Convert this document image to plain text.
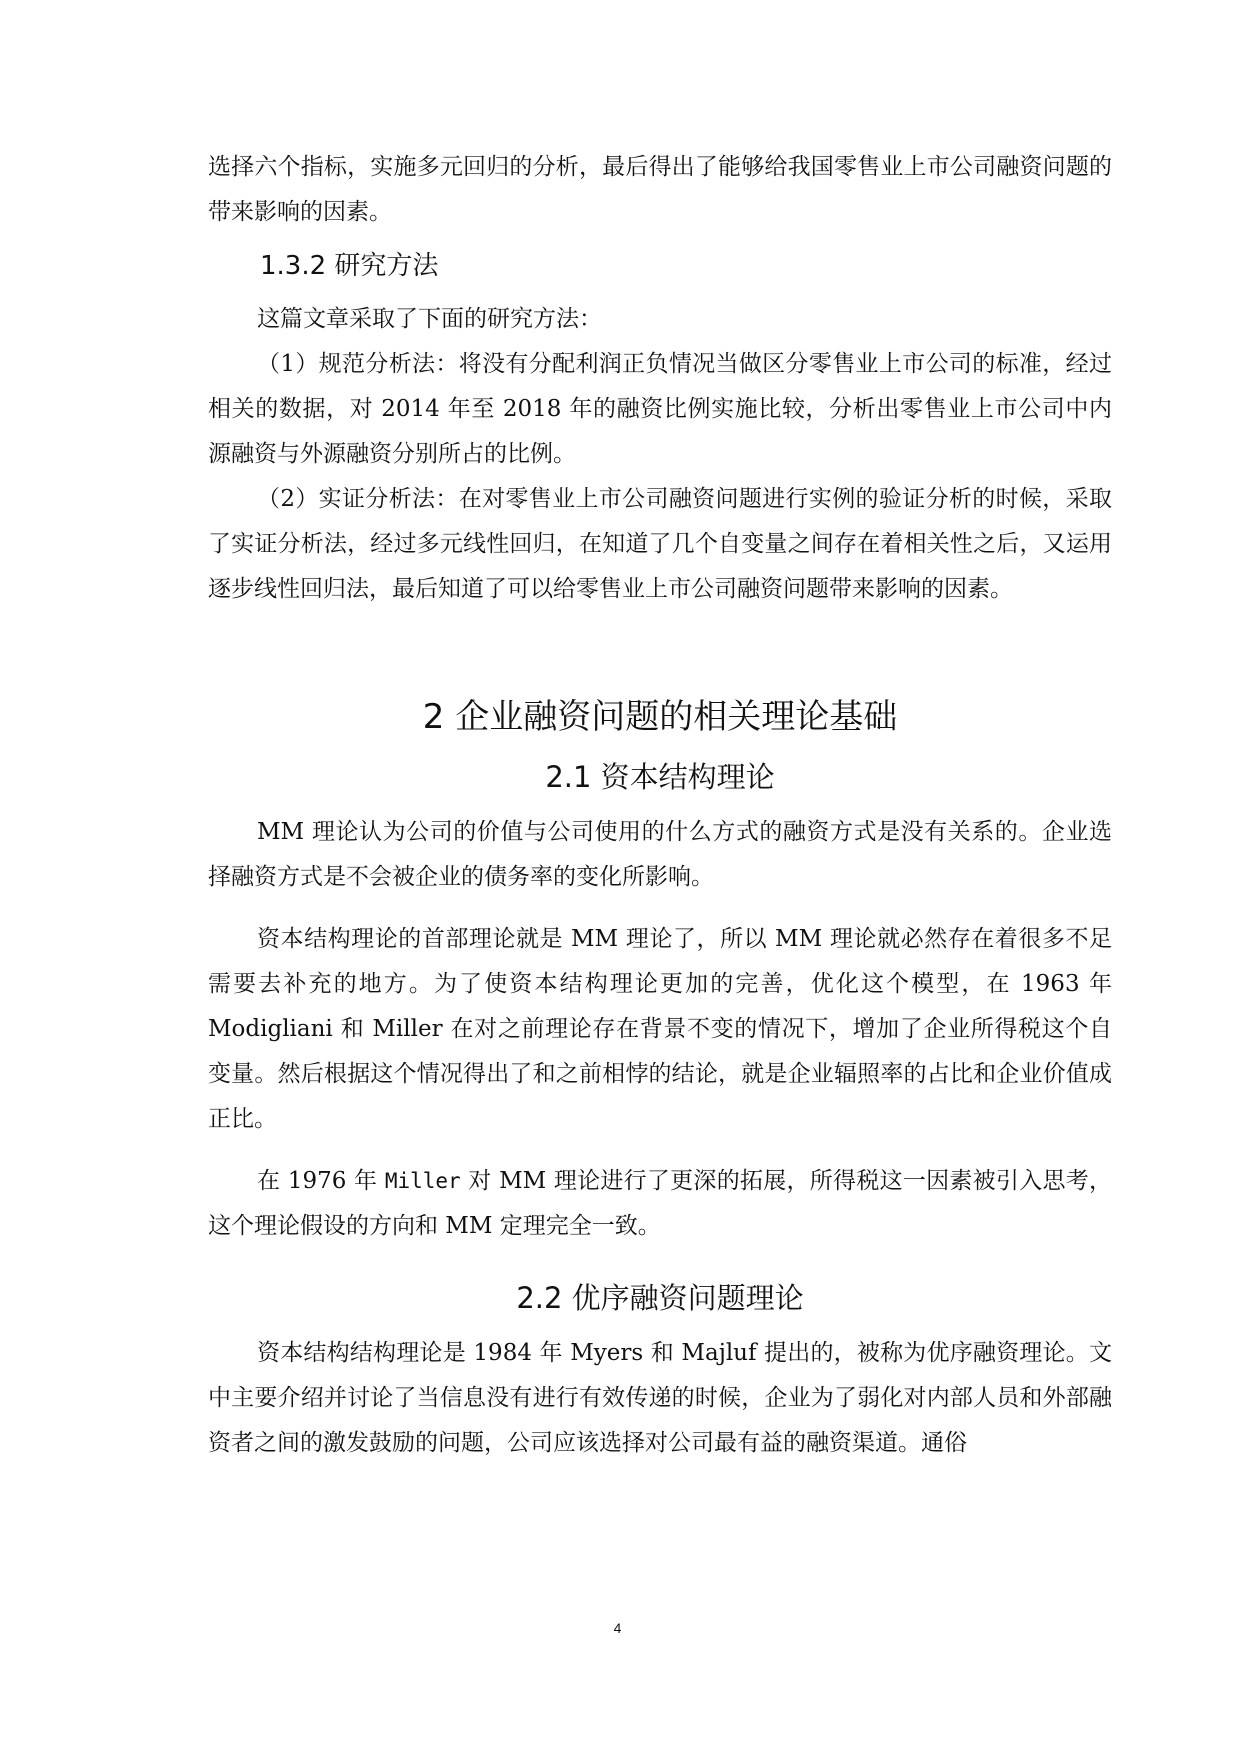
选择六个指标，实施多元回归的分析，最后得出了能够给我国零售业上市公司融资问题的带来影响的因素。

1.3.2 研究方法

这篇文章采取了下面的研究方法：

（1）规范分析法：将没有分配利润正负情况当做区分零售业上市公司的标准，经过相关的数据，对 2014 年至 2018 年的融资比例实施比较，分析出零售业上市公司中内源融资与外源融资分别所占的比例。

（2）实证分析法：在对零售业上市公司融资问题进行实例的验证分析的时候，采取了实证分析法，经过多元线性回归，在知道了几个自变量之间存在着相关性之后，又运用逐步线性回归法，最后知道了可以给零售业上市公司融资问题带来影响的因素。

2 企业融资问题的相关理论基础
2.1 资本结构理论

MM 理论认为公司的价值与公司使用的什么方式的融资方式是没有关系的。企业选择融资方式是不会被企业的债务率的变化所影响。

资本结构理论的首部理论就是 MM 理论了，所以 MM 理论就必然存在着很多不足需要去补充的地方。为了使资本结构理论更加的完善，优化这个模型，在 1963 年 Modigliani 和 Miller 在对之前理论存在背景不变的情况下，增加了企业所得税这个自变量。然后根据这个情况得出了和之前相悖的结论，就是企业辐照率的占比和企业价值成正比。

在 1976 年 Miller 对 MM 理论进行了更深的拓展，所得税这一因素被引入思考，这个理论假设的方向和 MM 定理完全一致。

2.2 优序融资问题理论

资本结构结构理论是 1984 年 Myers 和 Majluf 提出的，被称为优序融资理论。文中主要介绍并讨论了当信息没有进行有效传递的时候，企业为了弱化对内部人员和外部融资者之间的激发鼓励的问题，公司应该选择对公司最有益的融资渠道。通俗

4
